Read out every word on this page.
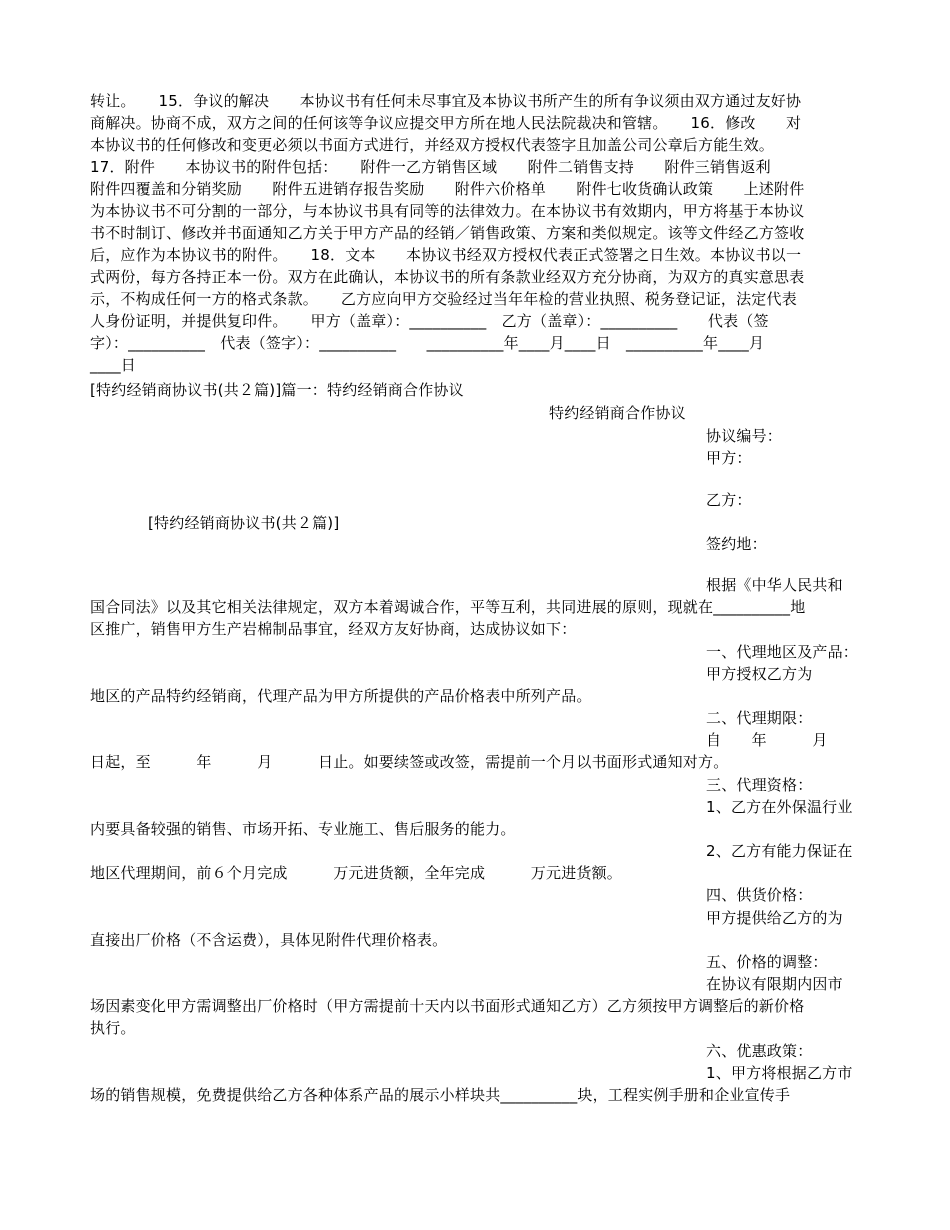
转让。　　15．争议的解决　　本协议书有任何未尽事宜及本协议书所产生的所有争议须由双方通过友好协
商解决。协商不成，双方之间的任何该等争议应提交甲方所在地人民法院裁决和管辖。　　16．修改　　对
本协议书的任何修改和变更必须以书面方式进行，并经双方授权代表签字且加盖公司公章后方能生效。
17．附件　　本协议书的附件包括：　　附件一乙方销售区域　　附件二销售支持　　附件三销售返利
附件四覆盖和分销奖励　　附件五进销存报告奖励　　附件六价格单　　附件七收货确认政策　　上述附件
为本协议书不可分割的一部分，与本协议书具有同等的法律效力。在本协议书有效期内，甲方将基于本协议
书不时制订、修改并书面通知乙方关于甲方产品的经销／销售政策、方案和类似规定。该等文件经乙方签收
后，应作为本协议书的附件。　　18．文本　　本协议书经双方授权代表正式签署之日生效。本协议书以一
式两份，每方各持正本一份。双方在此确认，本协议书的所有条款业经双方充分协商，为双方的真实意思表
示，不构成任何一方的格式条款。　　乙方应向甲方交验经过当年年检的营业执照、税务登记证，法定代表
人身份证明，并提供复印件。　　甲方（盖章）：__________　乙方（盖章）：__________　　代表（签
字）：__________　代表（签字）：__________　　__________年____月____日　__________年____月
____日
[特约经销商协议书(共２篇)]篇一：特约经销商合作协议
特约经销商合作协议
协议编号：
甲方：
乙方：
[特约经销商协议书(共２篇)]
签约地：
根据《中华人民共和
国合同法》以及其它相关法律规定，双方本着竭诚合作，平等互利，共同进展的原则，现就在__________地
区推广，销售甲方生产岩棉制品事宜，经双方友好协商，达成协议如下：
一、代理地区及产品：
甲方授权乙方为
地区的产品特约经销商，代理产品为甲方所提供的产品价格表中所列产品。
二、代理期限：
自　　年　　　月
日起，至　　　年　　　月　　　日止。如要续签或改签，需提前一个月以书面形式通知对方。
三、代理资格：
1、乙方在外保温行业
内要具备较强的销售、市场开拓、专业施工、售后服务的能力。
2、乙方有能力保证在
地区代理期间，前６个月完成　　　万元进货额，全年完成　　　万元进货额。
四、供货价格：
甲方提供给乙方的为
直接出厂价格（不含运费），具体见附件代理价格表。
五、价格的调整：
在协议有限期内因市
场因素变化甲方需调整出厂价格时（甲方需提前十天内以书面形式通知乙方）乙方须按甲方调整后的新价格
执行。
六、优惠政策：
1、甲方将根据乙方市
场的销售规模，免费提供给乙方各种体系产品的展示小样块共__________块，工程实例手册和企业宣传手
